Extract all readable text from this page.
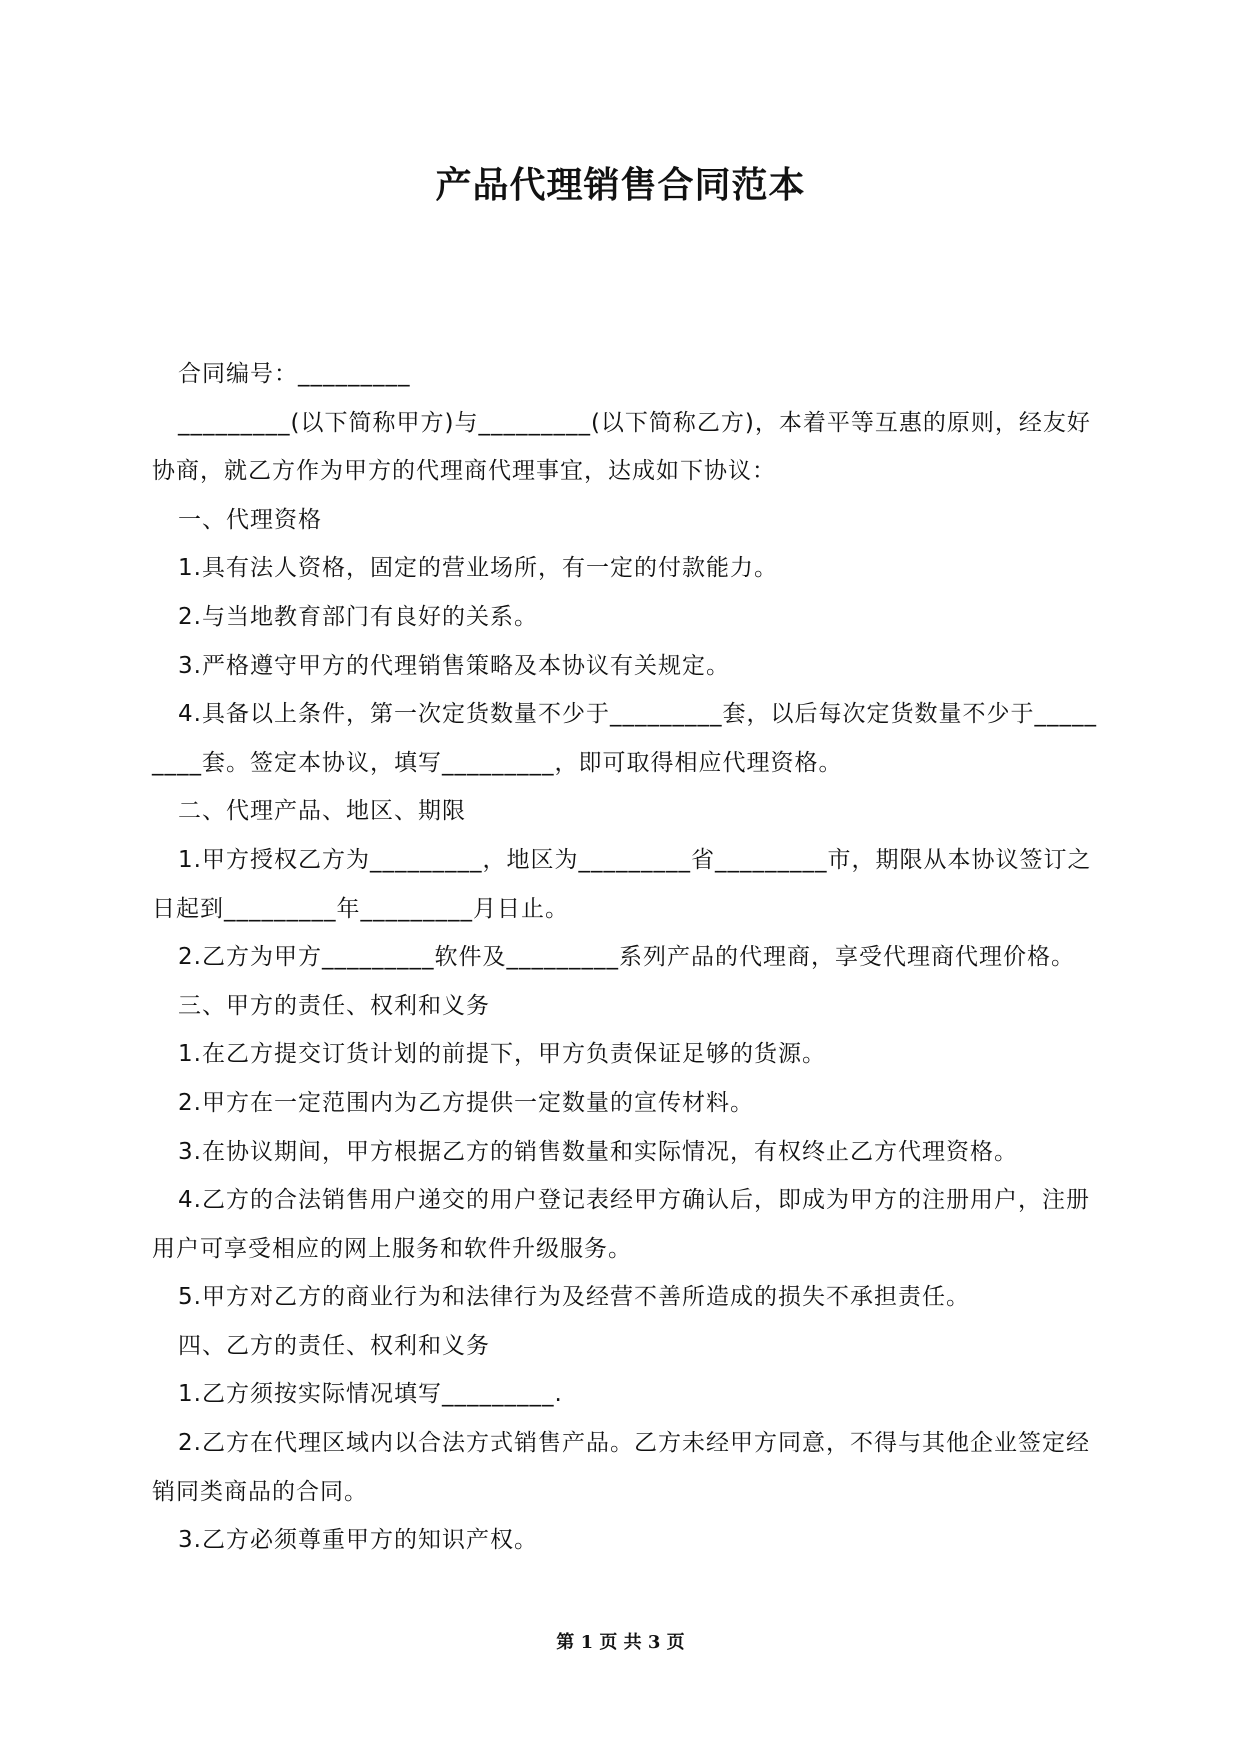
产品代理销售合同范本

合同编号：_________

_________(以下简称甲方)与_________(以下简称乙方)，本着平等互惠的原则，经友好协商，就乙方作为甲方的代理商代理事宜，达成如下协议：

一、代理资格

1.具有法人资格，固定的营业场所，有一定的付款能力。

2.与当地教育部门有良好的关系。

3.严格遵守甲方的代理销售策略及本协议有关规定。

4.具备以上条件，第一次定货数量不少于_________套，以后每次定货数量不少于_________套。签定本协议，填写_________，即可取得相应代理资格。

二、代理产品、地区、期限

1.甲方授权乙方为_________，地区为_________省_________市，期限从本协议签订之日起到_________年_________月日止。

2.乙方为甲方_________软件及_________系列产品的代理商，享受代理商代理价格。

三、甲方的责任、权利和义务

1.在乙方提交订货计划的前提下，甲方负责保证足够的货源。

2.甲方在一定范围内为乙方提供一定数量的宣传材料。

3.在协议期间，甲方根据乙方的销售数量和实际情况，有权终止乙方代理资格。

4.乙方的合法销售用户递交的用户登记表经甲方确认后，即成为甲方的注册用户，注册用户可享受相应的网上服务和软件升级服务。

5.甲方对乙方的商业行为和法律行为及经营不善所造成的损失不承担责任。

四、乙方的责任、权利和义务

1.乙方须按实际情况填写_________.

2.乙方在代理区域内以合法方式销售产品。乙方未经甲方同意，不得与其他企业签定经销同类商品的合同。

3.乙方必须尊重甲方的知识产权。

第 1 页 共 3 页
